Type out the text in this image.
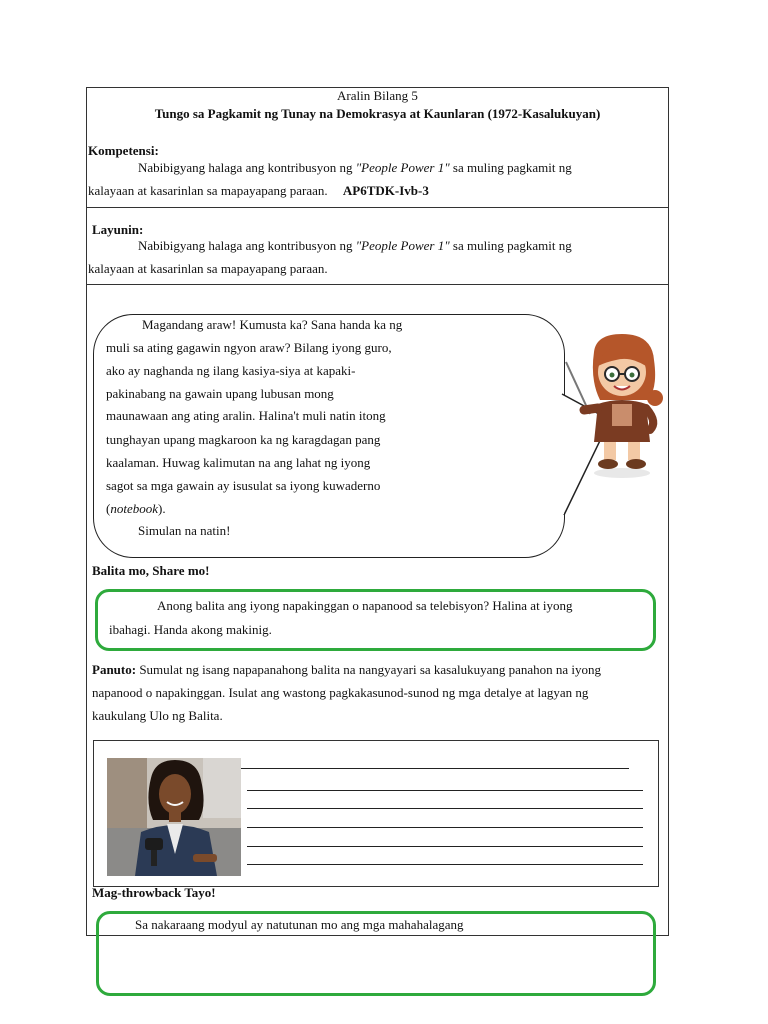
Aralin Bilang 5
Tungo sa Pagkamit ng Tunay na Demokrasya at Kaunlaran (1972-Kasalukuyan)
Kompetensi:
Nabibigyang halaga ang kontribusyon ng "People Power 1" sa muling pagkamit ng
kalayaan at kasarinlan sa mapayapang paraan. AP6TDK-Ivb-3
Layunin:
Nabibigyang halaga ang kontribusyon ng "People Power 1" sa muling pagkamit ng
kalayaan at kasarinlan sa mapayapang paraan.
Magandang araw! Kumusta ka? Sana handa ka ng
muli sa ating gagawin ngyon araw? Bilang iyong guro,
ako ay naghanda ng ilang kasiya-siya at kapaki-
pakinabang na gawain upang lubusan mong
maunawaan ang ating aralin. Halina't muli natin itong
tunghayan upang magkaroon ka ng karagdagan pang
kaalaman. Huwag kalimutan na ang lahat ng iyong
sagot sa mga gawain ay isusulat sa iyong kuwaderno
(notebook).
Simulan na natin!
Balita mo, Share mo!
Anong balita ang iyong napakinggan o napanood sa telebisyon? Halina at iyong
ibahagi. Handa akong makinig.
Panuto: Sumulat ng isang napapanahong balita na nangyayari sa kasalukuyang panahon na iyong
napanood o napakinggan. Isulat ang wastong pagkakasunod-sunod ng mga detalye at lagyan ng
kaukulang Ulo ng Balita.
Mag-throwback Tayo!
Sa nakaraang modyul ay natutunan mo ang mga mahahalagang
